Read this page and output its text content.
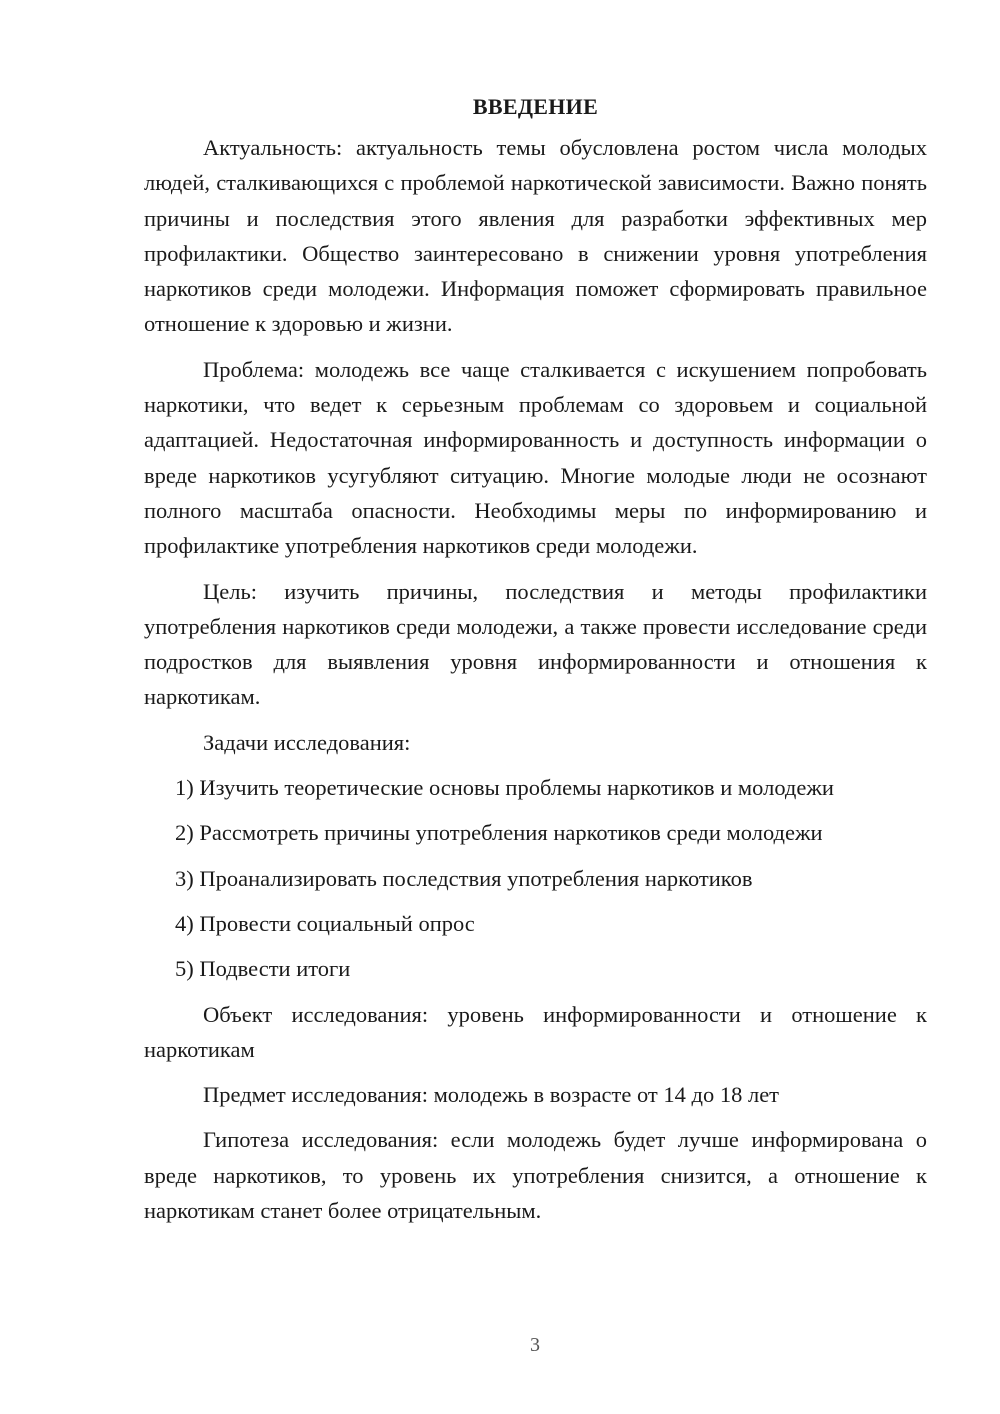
ВВЕДЕНИЕ

Актуальность: актуальность темы обусловлена ростом числа молодых людей, сталкивающихся с проблемой наркотической зависимости. Важно понять причины и последствия этого явления для разработки эффективных мер профилактики. Общество заинтересовано в снижении уровня употребления наркотиков среди молодежи. Информация поможет сформировать правильное отношение к здоровью и жизни.

Проблема: молодежь все чаще сталкивается с искушением попробовать наркотики, что ведет к серьезным проблемам со здоровьем и социальной адаптацией. Недостаточная информированность и доступность информации о вреде наркотиков усугубляют ситуацию. Многие молодые люди не осознают полного масштаба опасности. Необходимы меры по информированию и профилактике употребления наркотиков среди молодежи.

Цель: изучить причины, последствия и методы профилактики употребления наркотиков среди молодежи, а также провести исследование среди подростков для выявления уровня информированности и отношения к наркотикам.

Задачи исследования:

1) Изучить теоретические основы проблемы наркотиков и молодежи

2) Рассмотреть причины употребления наркотиков среди молодежи

3) Проанализировать последствия употребления наркотиков

4) Провести социальный опрос

5) Подвести итоги

Объект исследования: уровень информированности и отношение к наркотикам

Предмет исследования: молодежь в возрасте от 14 до 18 лет

Гипотеза исследования: если молодежь будет лучше информирована о вреде наркотиков, то уровень их употребления снизится, а отношение к наркотикам станет более отрицательным.

3
